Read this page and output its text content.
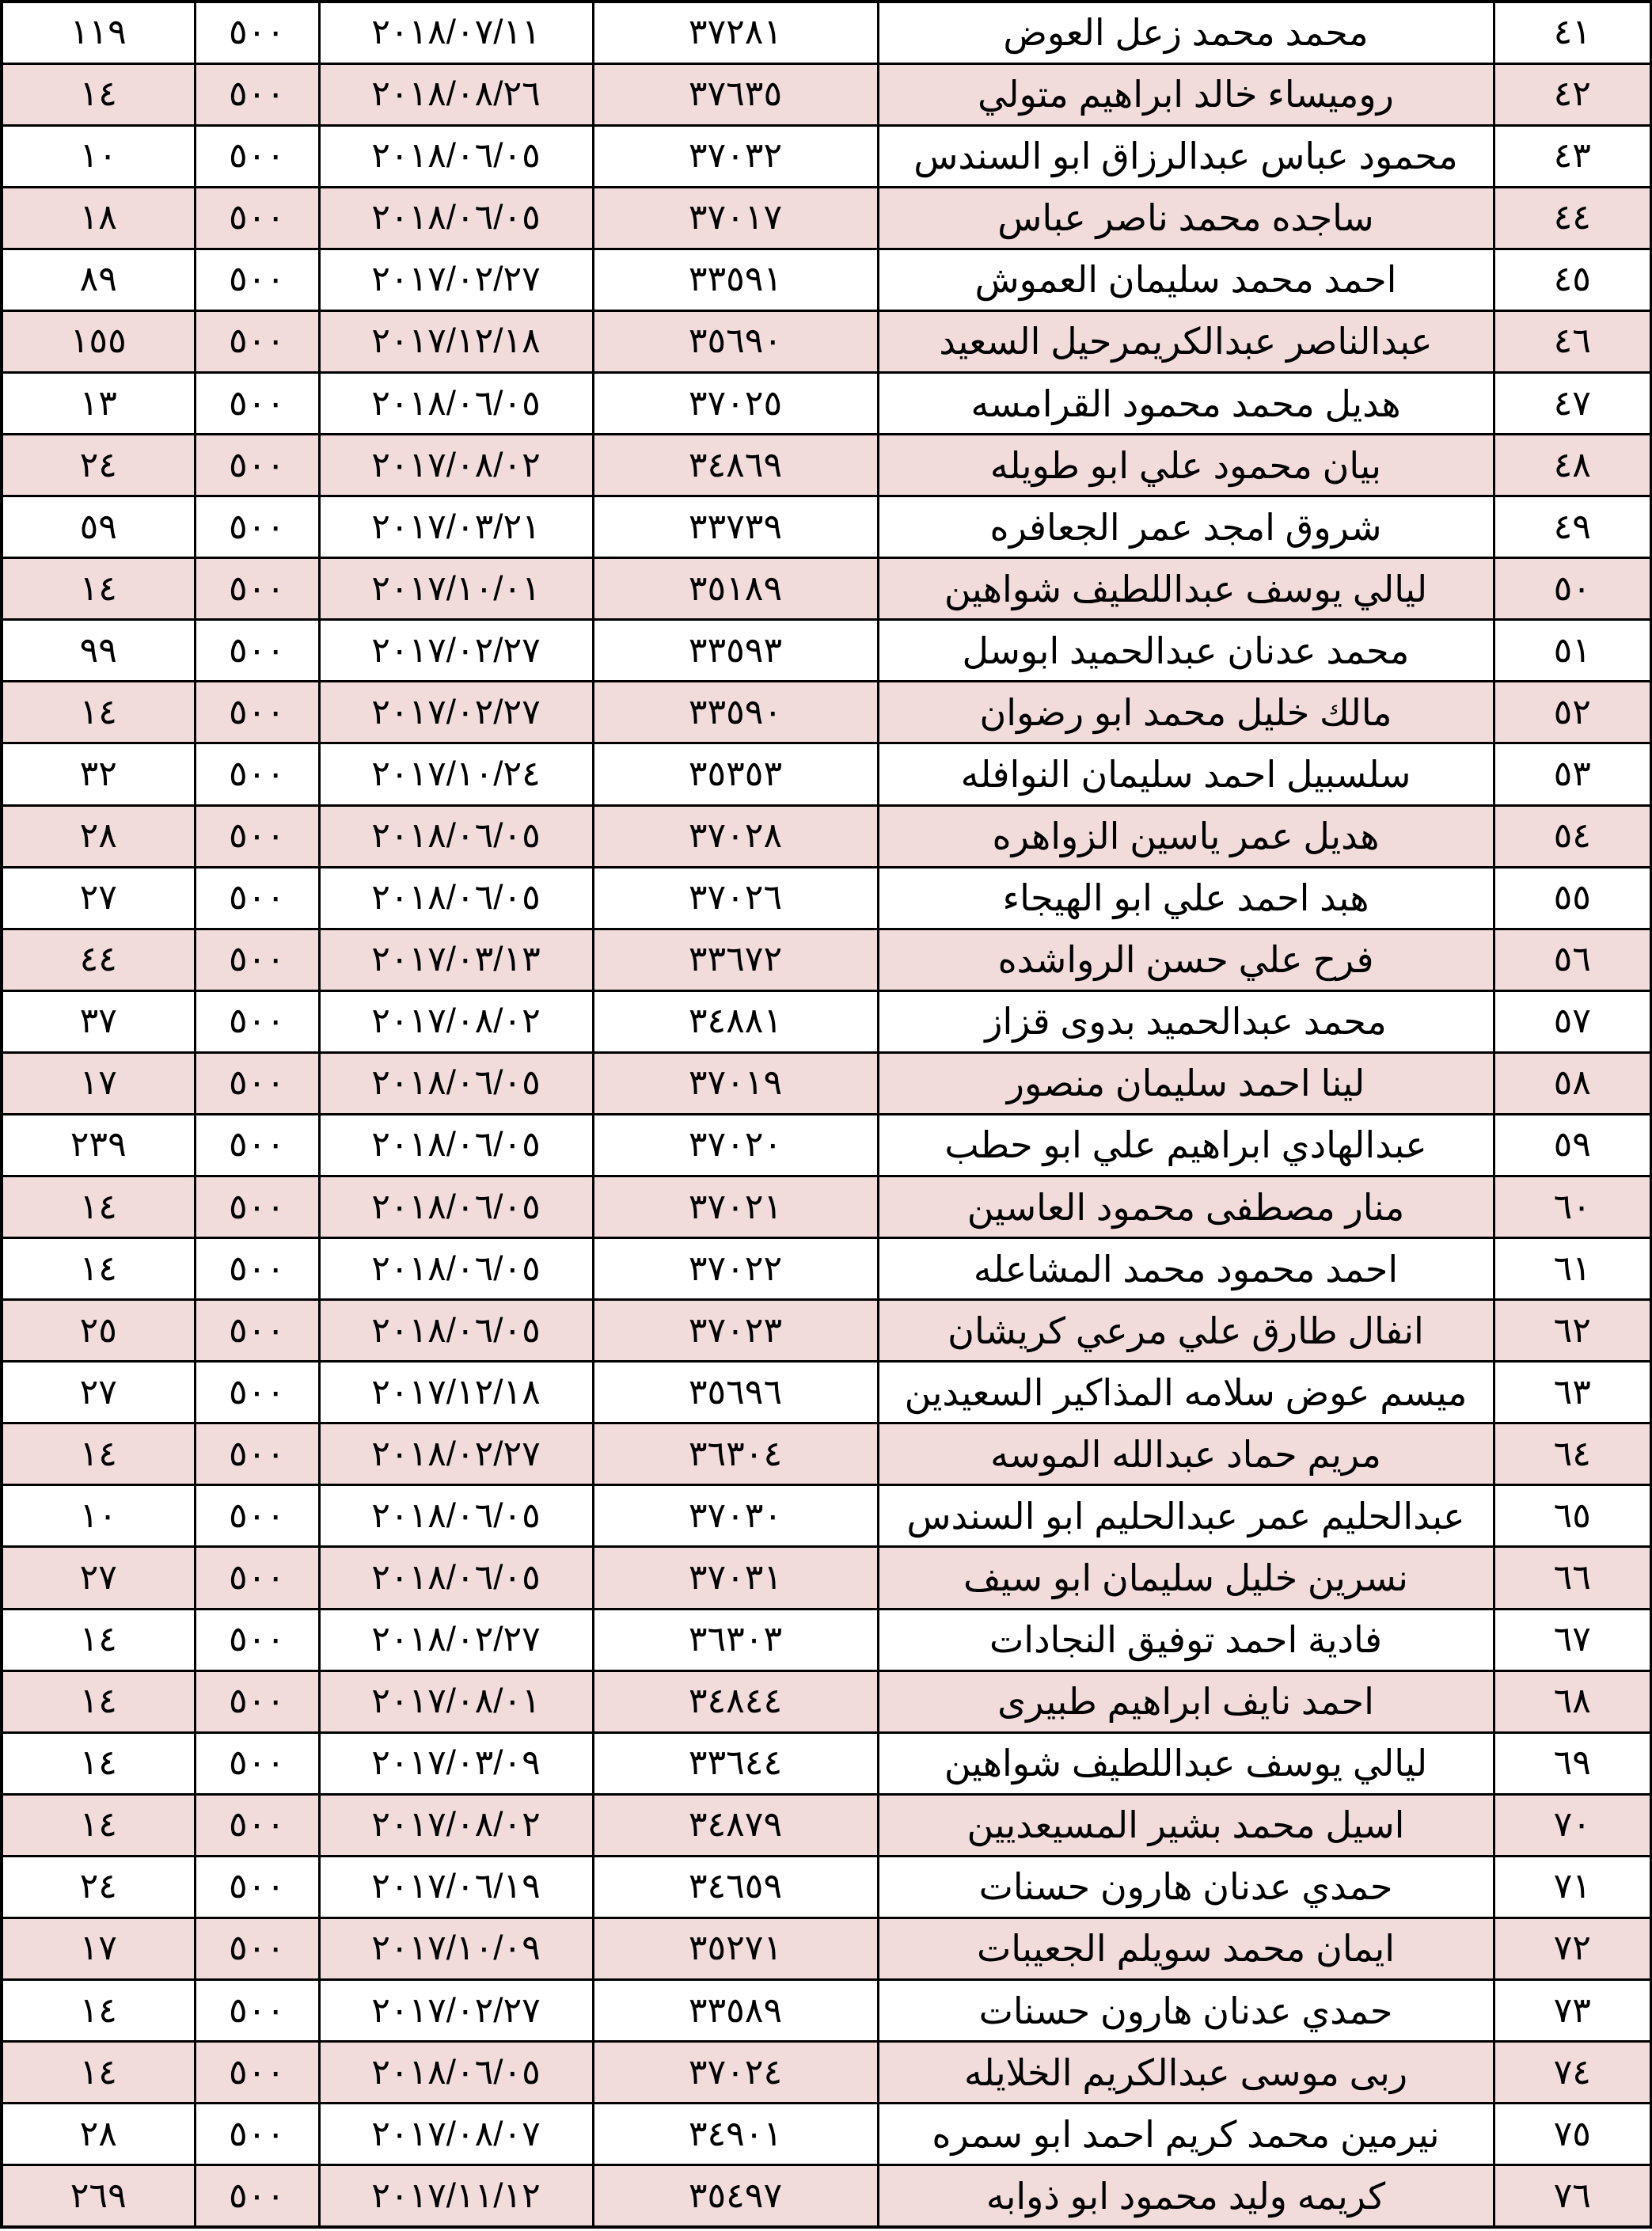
١١٩	٥٠٠	٢٠١٨/٠٧/١١	٣٧٢٨١	محمد محمد زعل العوض	٤١
١٤	٥٠٠	٢٠١٨/٠٨/٢٦	٣٧٦٣٥	روميساء خالد ابراهيم متولي	٤٢
١٠	٥٠٠	٢٠١٨/٠٦/٠٥	٣٧٠٣٢	محمود عباس عبدالرزاق ابو السندس	٤٣
١٨	٥٠٠	٢٠١٨/٠٦/٠٥	٣٧٠١٧	ساجده محمد ناصر عباس	٤٤
٨٩	٥٠٠	٢٠١٧/٠٢/٢٧	٣٣٥٩١	احمد محمد سليمان العموش	٤٥
١٥٥	٥٠٠	٢٠١٧/١٢/١٨	٣٥٦٩٠	عبدالناصر عبدالكريمرحيل السعيد	٤٦
١٣	٥٠٠	٢٠١٨/٠٦/٠٥	٣٧٠٢٥	هديل محمد محمود القرامسه	٤٧
٢٤	٥٠٠	٢٠١٧/٠٨/٠٢	٣٤٨٦٩	بيان محمود علي ابو طويله	٤٨
٥٩	٥٠٠	٢٠١٧/٠٣/٢١	٣٣٧٣٩	شروق امجد عمر الجعافره	٤٩
١٤	٥٠٠	٢٠١٧/١٠/٠١	٣٥١٨٩	ليالي يوسف عبداللطيف شواهين	٥٠
٩٩	٥٠٠	٢٠١٧/٠٢/٢٧	٣٣٥٩٣	محمد عدنان عبدالحميد ابوسل	٥١
١٤	٥٠٠	٢٠١٧/٠٢/٢٧	٣٣٥٩٠	مالك خليل محمد ابو رضوان	٥٢
٣٢	٥٠٠	٢٠١٧/١٠/٢٤	٣٥٣٥٣	سلسبيل احمد سليمان النوافله	٥٣
٢٨	٥٠٠	٢٠١٨/٠٦/٠٥	٣٧٠٢٨	هديل عمر ياسين الزواهره	٥٤
٢٧	٥٠٠	٢٠١٨/٠٦/٠٥	٣٧٠٢٦	هبد احمد علي ابو الهيجاء	٥٥
٤٤	٥٠٠	٢٠١٧/٠٣/١٣	٣٣٦٧٢	فرح علي حسن الرواشده	٥٦
٣٧	٥٠٠	٢٠١٧/٠٨/٠٢	٣٤٨٨١	محمد عبدالحميد بدوى قزاز	٥٧
١٧	٥٠٠	٢٠١٨/٠٦/٠٥	٣٧٠١٩	لينا احمد سليمان منصور	٥٨
٢٣٩	٥٠٠	٢٠١٨/٠٦/٠٥	٣٧٠٢٠	عبدالهادي ابراهيم علي ابو حطب	٥٩
١٤	٥٠٠	٢٠١٨/٠٦/٠٥	٣٧٠٢١	منار مصطفى محمود العاسين	٦٠
١٤	٥٠٠	٢٠١٨/٠٦/٠٥	٣٧٠٢٢	احمد محمود محمد المشاعله	٦١
٢٥	٥٠٠	٢٠١٨/٠٦/٠٥	٣٧٠٢٣	انفال طارق علي مرعي كريشان	٦٢
٢٧	٥٠٠	٢٠١٧/١٢/١٨	٣٥٦٩٦	ميسم عوض سلامه المذاكير السعيدين	٦٣
١٤	٥٠٠	٢٠١٨/٠٢/٢٧	٣٦٣٠٤	مريم حماد عبدالله الموسه	٦٤
١٠	٥٠٠	٢٠١٨/٠٦/٠٥	٣٧٠٣٠	عبدالحليم عمر عبدالحليم ابو السندس	٦٥
٢٧	٥٠٠	٢٠١٨/٠٦/٠٥	٣٧٠٣١	نسرين خليل سليمان ابو سيف	٦٦
١٤	٥٠٠	٢٠١٨/٠٢/٢٧	٣٦٣٠٣	فادية احمد توفيق النجادات	٦٧
١٤	٥٠٠	٢٠١٧/٠٨/٠١	٣٤٨٤٤	احمد نايف ابراهيم طبيرى	٦٨
١٤	٥٠٠	٢٠١٧/٠٣/٠٩	٣٣٦٤٤	ليالي يوسف عبداللطيف شواهين	٦٩
١٤	٥٠٠	٢٠١٧/٠٨/٠٢	٣٤٨٧٩	اسيل محمد بشير المسيعديين	٧٠
٢٤	٥٠٠	٢٠١٧/٠٦/١٩	٣٤٦٥٩	حمدي عدنان هارون حسنات	٧١
١٧	٥٠٠	٢٠١٧/١٠/٠٩	٣٥٢٧١	ايمان محمد سويلم الجعيبات	٧٢
١٤	٥٠٠	٢٠١٧/٠٢/٢٧	٣٣٥٨٩	حمدي عدنان هارون حسنات	٧٣
١٤	٥٠٠	٢٠١٨/٠٦/٠٥	٣٧٠٢٤	ربى موسى عبدالكريم الخلايله	٧٤
٢٨	٥٠٠	٢٠١٧/٠٨/٠٧	٣٤٩٠١	نيرمين محمد كريم احمد ابو سمره	٧٥
٢٦٩	٥٠٠	٢٠١٧/١١/١٢	٣٥٤٩٧	كريمه وليد محمود ابو ذوابه	٧٦
